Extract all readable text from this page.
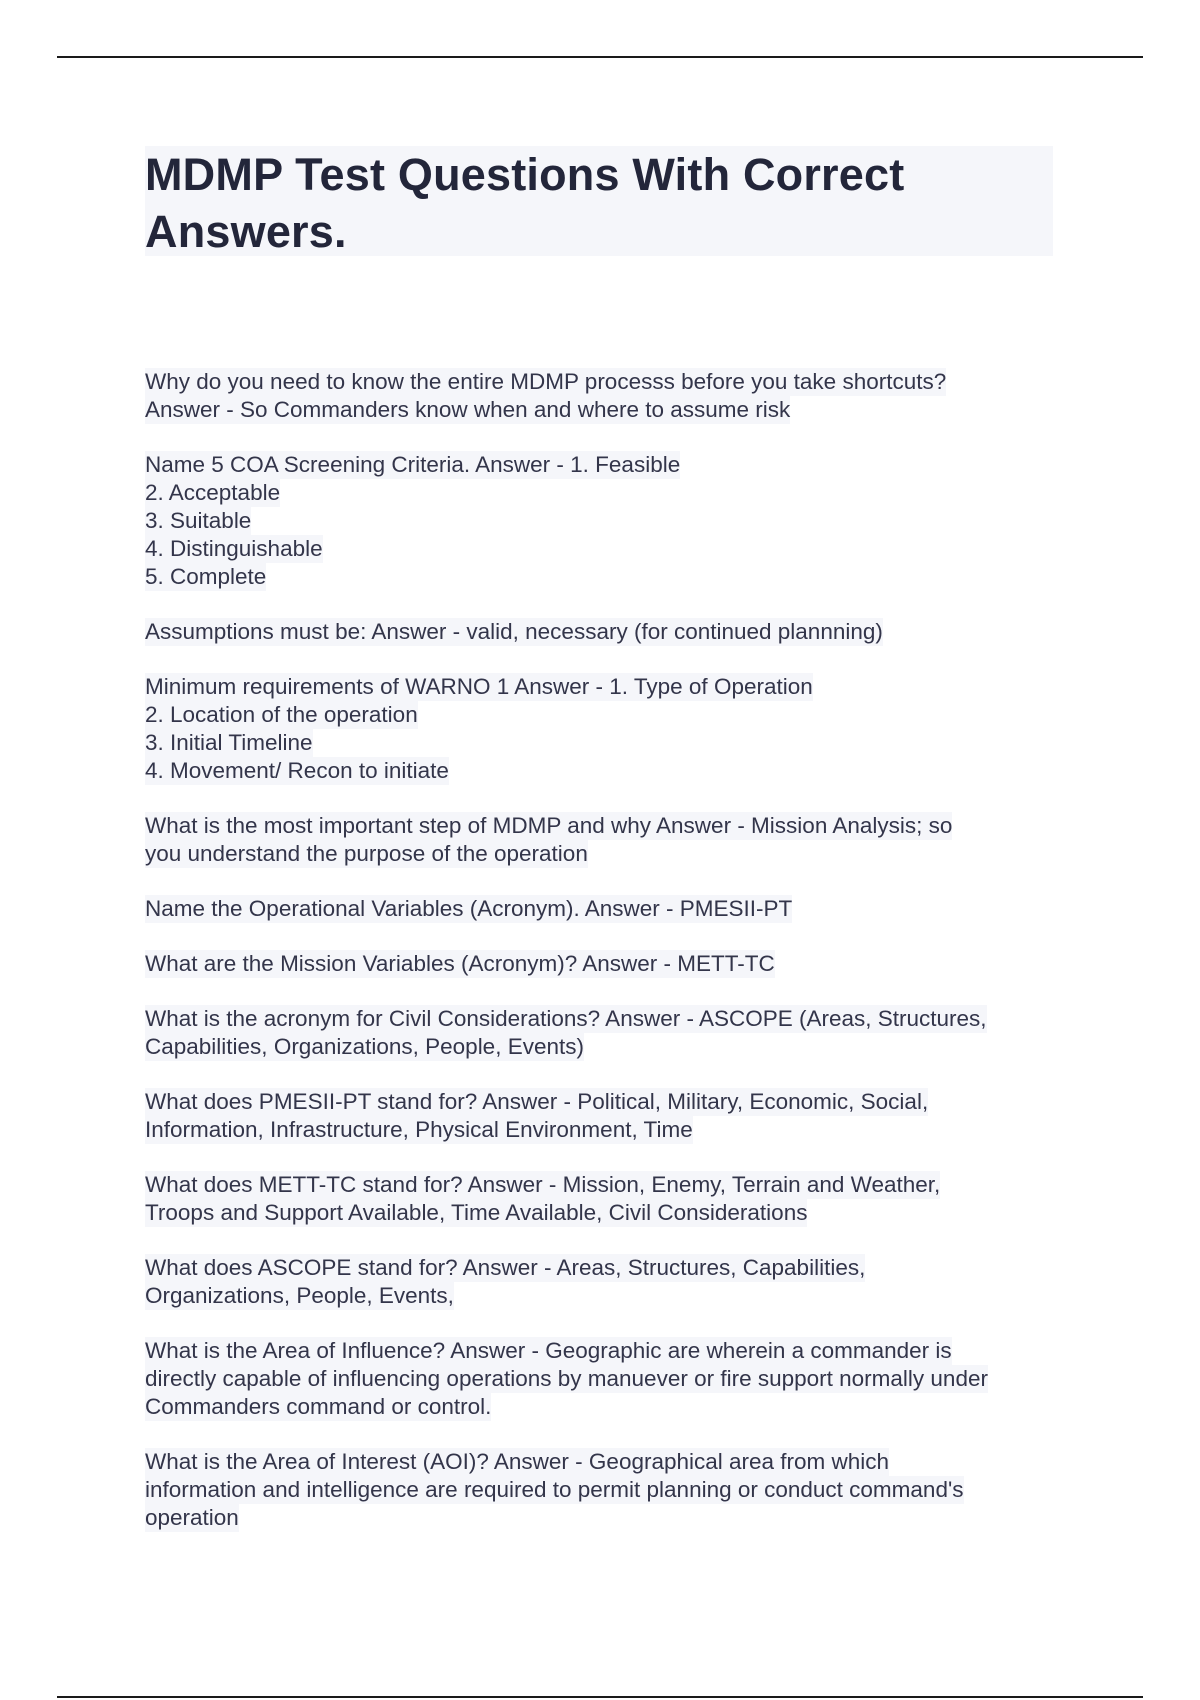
MDMP Test Questions With Correct
Answers.
Why do you need to know the entire MDMP processs before you take shortcuts?
Answer - So Commanders know when and where to assume risk
Name 5 COA Screening Criteria. Answer - 1. Feasible
2. Acceptable
3. Suitable
4. Distinguishable
5. Complete
Assumptions must be: Answer - valid, necessary (for continued plannning)
Minimum requirements of WARNO 1 Answer - 1. Type of Operation
2. Location of the operation
3. Initial Timeline
4. Movement/ Recon to initiate
What is the most important step of MDMP and why Answer - Mission Analysis; so
you understand the purpose of the operation
Name the Operational Variables (Acronym). Answer - PMESII-PT
What are the Mission Variables (Acronym)? Answer - METT-TC
What is the acronym for Civil Considerations? Answer - ASCOPE (Areas, Structures,
Capabilities, Organizations, People, Events)
What does PMESII-PT stand for? Answer - Political, Military, Economic, Social,
Information, Infrastructure, Physical Environment, Time
What does METT-TC stand for? Answer - Mission, Enemy, Terrain and Weather,
Troops and Support Available, Time Available, Civil Considerations
What does ASCOPE stand for? Answer - Areas, Structures, Capabilities,
Organizations, People, Events,
What is the Area of Influence? Answer - Geographic are wherein a commander is
directly capable of influencing operations by manuever or fire support normally under
Commanders command or control.
What is the Area of Interest (AOI)? Answer - Geographical area from which
information and intelligence are required to permit planning or conduct command's
operation
